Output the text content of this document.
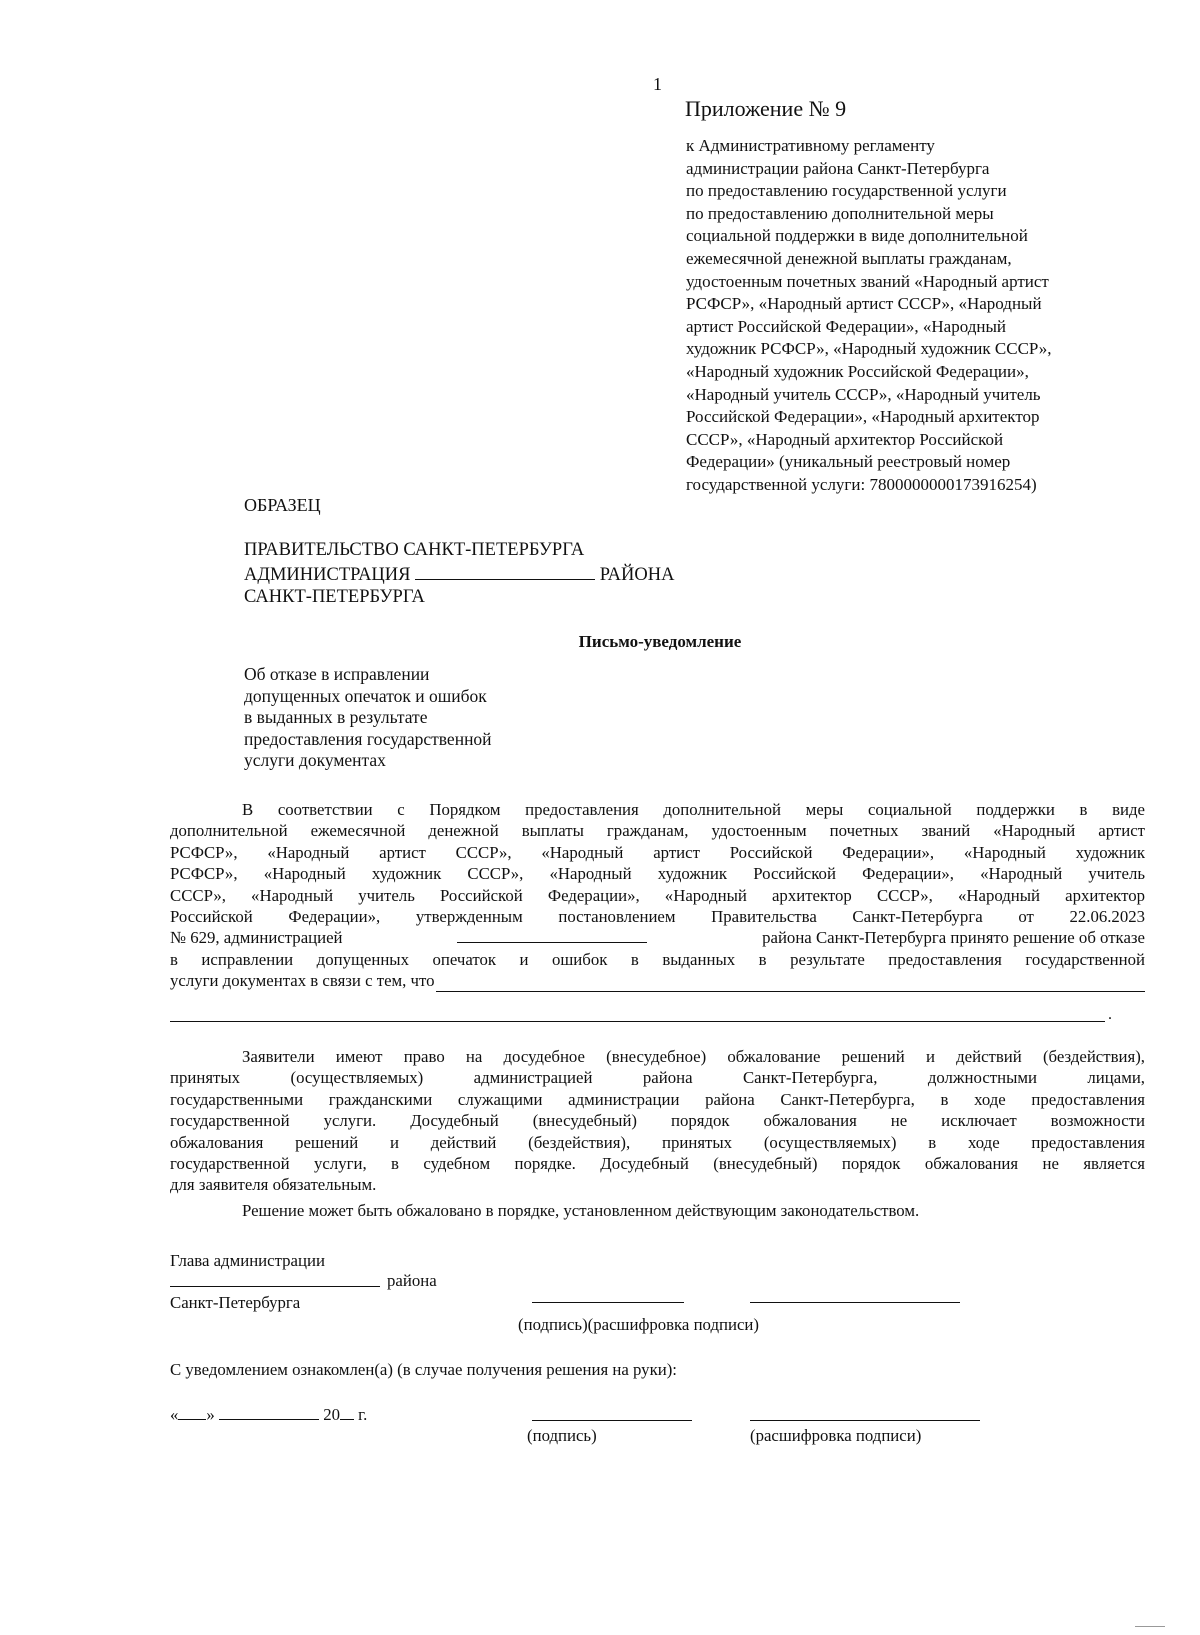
1
Приложение № 9
к Административному регламенту
администрации района Санкт-Петербурга
по предоставлению государственной услуги
по предоставлению дополнительной меры
социальной поддержки в виде дополнительной
ежемесячной денежной выплаты гражданам,
удостоенным почетных званий «Народный артист
РСФСР», «Народный артист СССР», «Народный
артист Российской Федерации», «Народный
художник РСФСР», «Народный художник СССР»,
«Народный художник Российской Федерации»,
«Народный учитель СССР», «Народный учитель
Российской Федерации», «Народный архитектор
СССР», «Народный архитектор Российской
Федерации» (уникальный реестровый номер
государственной услуги: 7800000000173916254)
ОБРАЗЕЦ
ПРАВИТЕЛЬСТВО САНКТ-ПЕТЕРБУРГА
АДМИНИСТРАЦИЯ	РАЙОНА
САНКТ-ПЕТЕРБУРГА
Письмо-уведомление
Об отказе в исправлении
допущенных опечаток и ошибок
в выданных в результате
предоставления государственной
услуги документах
В соответствии с Порядком предоставления дополнительной меры социальной поддержки в виде
дополнительной ежемесячной денежной выплаты гражданам, удостоенным почетных званий «Народный артист
РСФСР», «Народный артист СССР», «Народный артист Российской Федерации», «Народный художник
РСФСР», «Народный художник СССР», «Народный художник Российской Федерации», «Народный учитель
СССР», «Народный учитель Российской Федерации», «Народный архитектор СССР», «Народный архитектор
Российской Федерации», утвержденным постановлением Правительства Санкт-Петербурга от 22.06.2023
№ 629, администрацией	района Санкт-Петербурга принято решение об отказе
в исправлении допущенных опечаток и ошибок в выданных в результате предоставления государственной
услуги документах в связи с тем, что
.
Заявители имеют право на досудебное (внесудебное) обжалование решений и действий (бездействия),
принятых (осуществляемых) администрацией района Санкт-Петербурга, должностными лицами,
государственными гражданскими служащими администрации района Санкт-Петербурга, в ходе предоставления
государственной услуги. Досудебный (внесудебный) порядок обжалования не исключает возможности
обжалования решений и действий (бездействия), принятых (осуществляемых) в ходе предоставления
государственной услуги, в судебном порядке. Досудебный (внесудебный) порядок обжалования не является
для заявителя обязательным.
Решение может быть обжаловано в порядке, установленном действующим законодательством.
Глава администрации
района
Санкт-Петербурга
(подпись)(расшифровка подписи)
С уведомлением ознакомлен(а) (в случае получения решения на руки):
« »	20 г.
(подпись)	(расшифровка подписи)
